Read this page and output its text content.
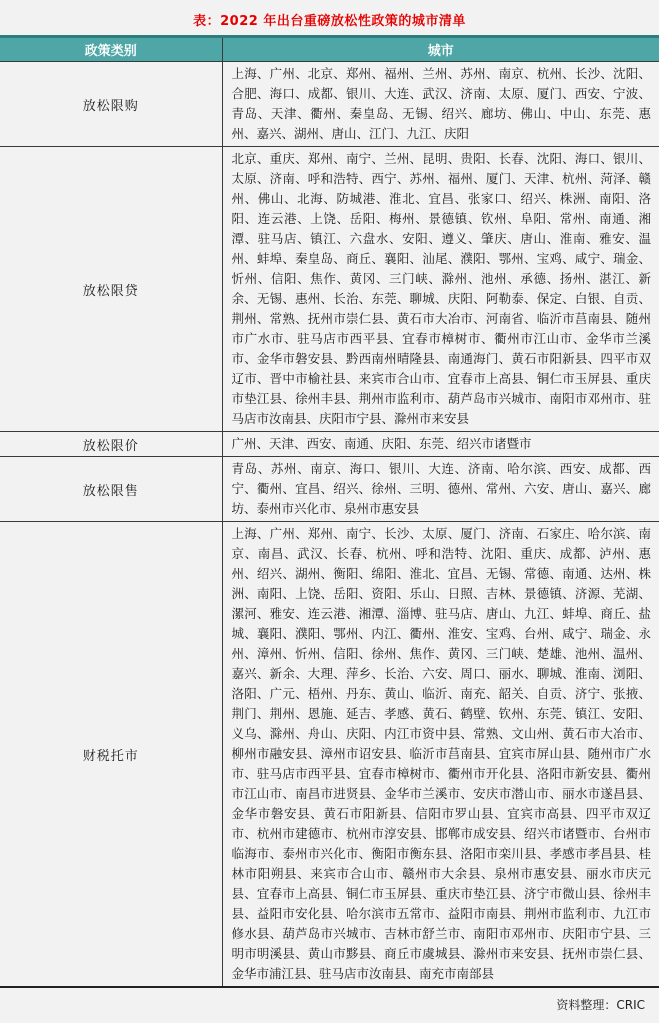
表：2022 年出台重磅放松性政策的城市清单
政策类别	城市
放松限购	上海、广州、北京、郑州、福州、兰州、苏州、南京、杭州、长沙、沈阳、合肥、海口、成都、银川、大连、武汉、济南、太原、厦门、西安、宁波、青岛、天津、衢州、秦皇岛、无锡、绍兴、廊坊、佛山、中山、东莞、惠州、嘉兴、湖州、唐山、江门、九江、庆阳
放松限贷	北京、重庆、郑州、南宁、兰州、昆明、贵阳、长春、沈阳、海口、银川、太原、济南、呼和浩特、西宁、苏州、福州、厦门、天津、杭州、菏泽、赣州、佛山、北海、防城港、淮北、宜昌、张家口、绍兴、株洲、南阳、洛阳、连云港、上饶、岳阳、梅州、景德镇、钦州、阜阳、常州、南通、湘潭、驻马店、镇江、六盘水、安阳、遵义、肇庆、唐山、淮南、雅安、温州、蚌埠、秦皇岛、商丘、襄阳、汕尾、濮阳、鄂州、宝鸡、咸宁、瑞金、忻州、信阳、焦作、黄冈、三门峡、滁州、池州、承德、扬州、湛江、新余、无锡、惠州、长治、东莞、聊城、庆阳、阿勒泰、保定、白银、自贡、荆州、常熟、抚州市崇仁县、黄石市大冶市、河南省、临沂市莒南县、随州市广水市、驻马店市西平县、宜春市樟树市、衢州市江山市、金华市兰溪市、金华市磐安县、黔西南州晴隆县、南通海门、黄石市阳新县、四平市双辽市、晋中市榆社县、来宾市合山市、宜春市上高县、铜仁市玉屏县、重庆市垫江县、徐州丰县、荆州市监利市、葫芦岛市兴城市、南阳市邓州市、驻马店市汝南县、庆阳市宁县、滁州市来安县
放松限价	广州、天津、西安、南通、庆阳、东莞、绍兴市诸暨市
放松限售	青岛、苏州、南京、海口、银川、大连、济南、哈尔滨、西安、成都、西宁、衢州、宜昌、绍兴、徐州、三明、德州、常州、六安、唐山、嘉兴、廊坊、泰州市兴化市、泉州市惠安县
财税托市	上海、广州、郑州、南宁、长沙、太原、厦门、济南、石家庄、哈尔滨、南京、南昌、武汉、长春、杭州、呼和浩特、沈阳、重庆、成都、泸州、惠州、绍兴、湖州、衡阳、绵阳、淮北、宜昌、无锡、常德、南通、达州、株洲、南阳、上饶、岳阳、资阳、乐山、日照、吉林、景德镇、济源、芜湖、漯河、雅安、连云港、湘潭、淄博、驻马店、唐山、九江、蚌埠、商丘、盐城、襄阳、濮阳、鄂州、内江、衢州、淮安、宝鸡、台州、咸宁、瑞金、永州、漳州、忻州、信阳、徐州、焦作、黄冈、三门峡、楚雄、池州、温州、嘉兴、新余、大理、萍乡、长治、六安、周口、丽水、聊城、淮南、浏阳、洛阳、广元、梧州、丹东、黄山、临沂、南充、韶关、自贡、济宁、张掖、荆门、荆州、恩施、延吉、孝感、黄石、鹤壁、钦州、东莞、镇江、安阳、义乌、滁州、舟山、庆阳、内江市资中县、常熟、文山州、黄石市大冶市、柳州市融安县、漳州市诏安县、临沂市莒南县、宜宾市屏山县、随州市广水市、驻马店市西平县、宜春市樟树市、衢州市开化县、洛阳市新安县、衢州市江山市、南昌市进贤县、金华市兰溪市、安庆市潜山市、丽水市遂昌县、金华市磐安县、黄石市阳新县、信阳市罗山县、宜宾市高县、四平市双辽市、杭州市建德市、杭州市淳安县、邯郸市成安县、绍兴市诸暨市、台州市临海市、泰州市兴化市、衡阳市衡东县、洛阳市栾川县、孝感市孝昌县、桂林市阳朔县、来宾市合山市、赣州市大余县、泉州市惠安县、丽水市庆元县、宜春市上高县、铜仁市玉屏县、重庆市垫江县、济宁市微山县、徐州丰县、益阳市安化县、哈尔滨市五常市、益阳市南县、荆州市监利市、九江市修水县、葫芦岛市兴城市、吉林市舒兰市、南阳市邓州市、庆阳市宁县、三明市明溪县、黄山市黟县、商丘市虞城县、滁州市来安县、抚州市崇仁县、金华市浦江县、驻马店市汝南县、南充市南部县
资料整理：CRIC
